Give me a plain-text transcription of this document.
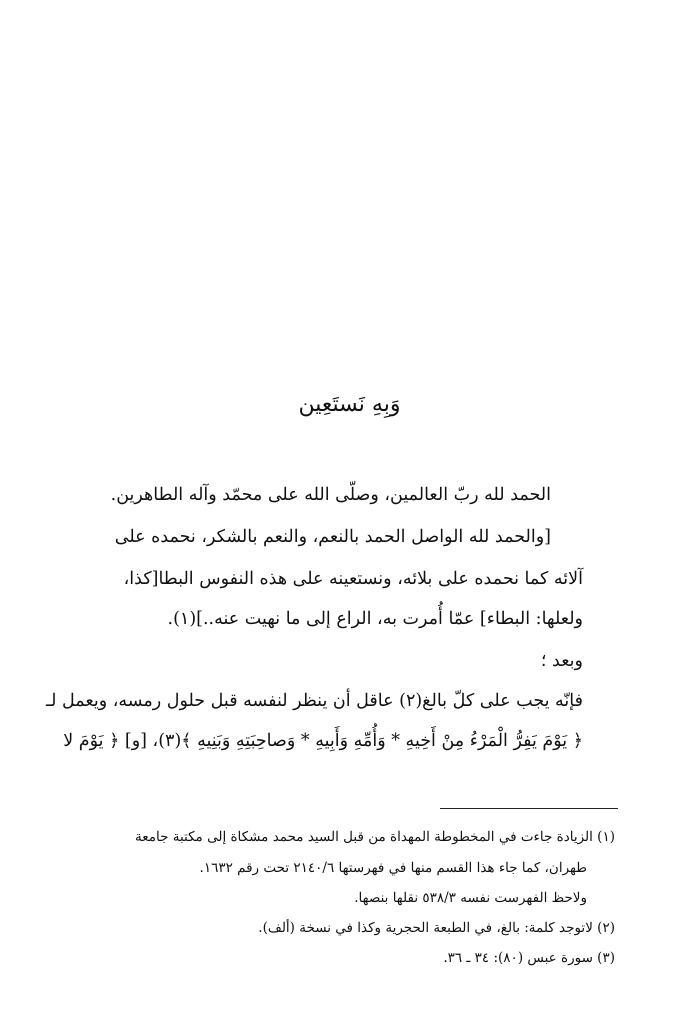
وَبِهِ نَستَعِين
الحمد لله ربّ العالمين، وصلّى الله على محمّد وآله الطاهرين.
[والحمد لله الواصل الحمد بالنعم، والنعم بالشكر، نحمده على
آلائه كما نحمده على بلائه، ونستعينه على هذه النفوس البطا[كذا،
ولعلها: البطاء] عمّا أُمرت به، الراع إلى ما نهيت عنه..](١).
وبعد ؛
فإنّه يجب على كلّ بالغ(٢) عاقل أن ينظر لنفسه قبل حلول رمسه، ويعمل لـ
﴿ يَوْمَ يَفِرُّ الْمَرْءُ مِنْ أَخِيهِ * وَأُمِّهِ وَأَبِيهِ * وَصاحِبَتِهِ وَبَنِيهِ ﴾(٣)، [و] ﴿ يَوْمَ لا
(١) الزيادة جاءت في المخطوطة المهداة من قبل السيد محمد مشكاة إلى مكتبة جامعة
طهران، كما جاء هذا القسم منها في فهرستها ٢١٤٠/٦ تحت رقم ١٦٣٢.
ولاحظ الفهرست نفسه ٥٣٨/٣ نقلها بنصها.
(٢) لاتوجد كلمة: بالغ، في الطبعة الحجرية وكذا في نسخة (ألف).
(٣) سورة عبس (٨٠): ٣٤ ـ ٣٦.
